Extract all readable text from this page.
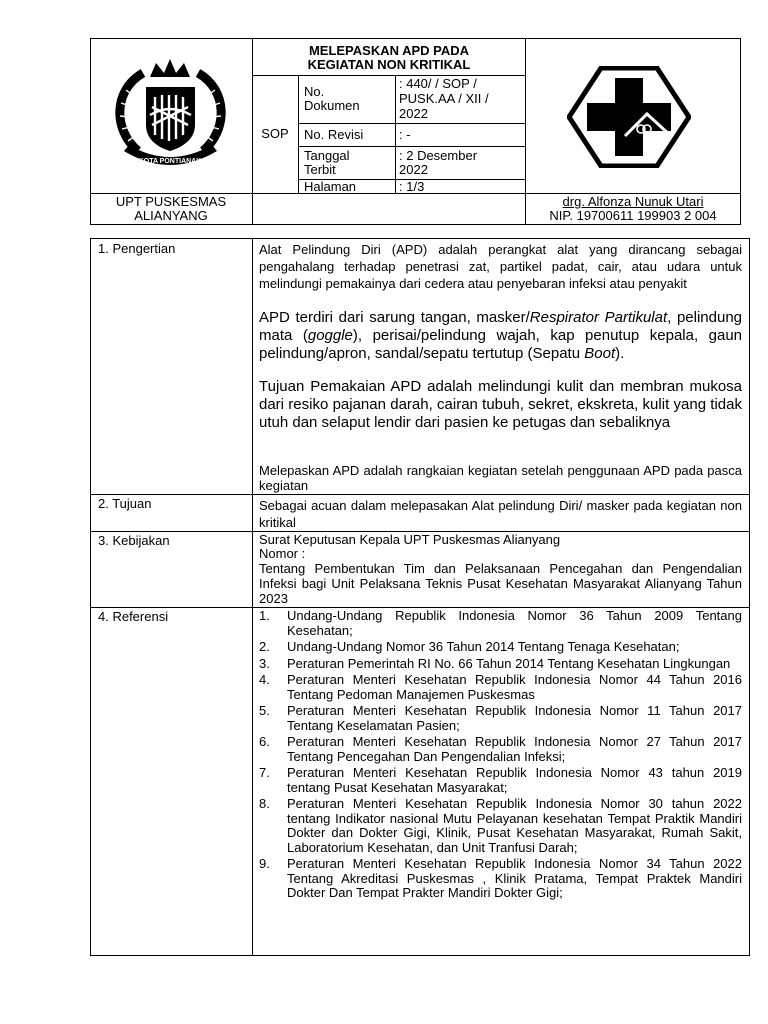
KOTA PONTIANAK
MELEPASKAN APD PADA
KEGIATAN NON KRITIKAL
SOP
No.
Dokumen
: 440/ / SOP /
PUSK.AA / XII /
2022
No. Revisi	: -
Tanggal
Terbit
: 2 Desember
2022
Halaman	: 1/3
UPT PUSKESMAS
ALIANYANG
drg. Alfonza Nunuk Utari
NIP. 19700611 199903 2 004
1. Pengertian
2. Tujuan
3. Kebijakan
4. Referensi
Alat Pelindung Diri (APD) adalah perangkat alat yang dirancang sebagai pengahalang terhadap penetrasi zat, partikel padat, cair, atau udara untuk melindungi pemakainya dari cedera atau penyebaran infeksi atau penyakit
APD terdiri dari sarung tangan, masker/Respirator Partikulat, pelindung mata (goggle), perisai/pelindung wajah, kap penutup kepala, gaun pelindung/apron, sandal/sepatu tertutup (Sepatu Boot).
Tujuan Pemakaian APD adalah melindungi kulit dan membran mukosa dari resiko pajanan darah, cairan tubuh, sekret, ekskreta, kulit yang tidak utuh dan selaput lendir dari pasien ke petugas dan sebaliknya
Melepaskan APD adalah rangkaian kegiatan setelah penggunaan APD pada pasca kegiatan
Sebagai acuan dalam melepasakan Alat pelindung Diri/ masker pada kegiatan non kritikal
Surat Keputusan Kepala UPT Puskesmas Alianyang
Nomor :
Tentang Pembentukan Tim dan Pelaksanaan Pencegahan dan Pengendalian Infeksi bagi Unit Pelaksana Teknis Pusat Kesehatan Masyarakat Alianyang Tahun 2023
1. Undang-Undang Republik Indonesia Nomor 36 Tahun 2009 Tentang Kesehatan;
2. Undang-Undang Nomor 36 Tahun 2014 Tentang Tenaga Kesehatan;
3. Peraturan Pemerintah RI No. 66 Tahun 2014 Tentang Kesehatan Lingkungan
4. Peraturan Menteri Kesehatan Republik Indonesia Nomor 44 Tahun 2016 Tentang Pedoman Manajemen Puskesmas
5. Peraturan Menteri Kesehatan Republik Indonesia Nomor 11 Tahun 2017 Tentang Keselamatan Pasien;
6. Peraturan Menteri Kesehatan Republik Indonesia Nomor 27 Tahun 2017 Tentang Pencegahan Dan Pengendalian Infeksi;
7. Peraturan Menteri Kesehatan Republik Indonesia Nomor 43 tahun 2019 tentang Pusat Kesehatan Masyarakat;
8. Peraturan Menteri Kesehatan Republik Indonesia Nomor 30 tahun 2022 tentang Indikator nasional Mutu Pelayanan kesehatan Tempat Praktik Mandiri Dokter dan Dokter Gigi, Klinik, Pusat Kesehatan Masyarakat, Rumah Sakit, Laboratorium Kesehatan, dan Unit Tranfusi Darah;
9. Peraturan Menteri Kesehatan Republik Indonesia Nomor 34 Tahun 2022 Tentang Akreditasi Puskesmas , Klinik Pratama, Tempat Praktek Mandiri Dokter Dan Tempat Prakter Mandiri Dokter Gigi;
